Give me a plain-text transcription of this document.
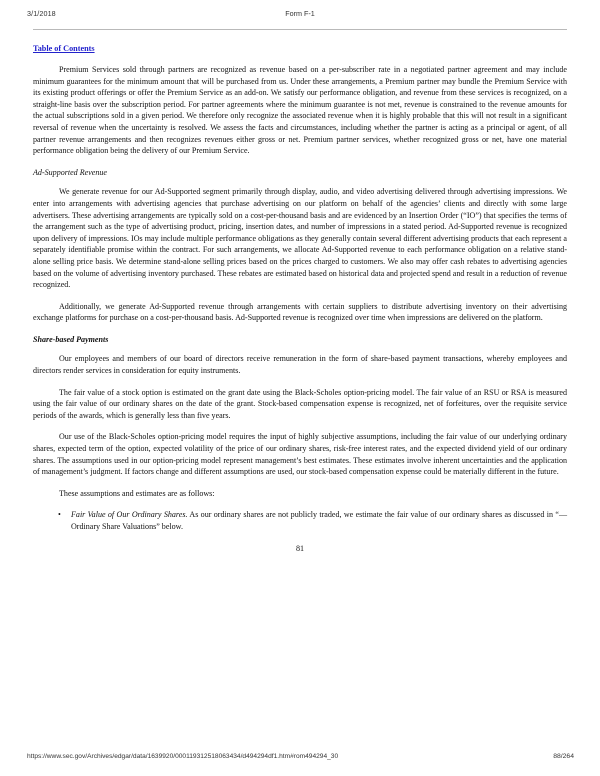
3/1/2018	Form F-1
Table of Contents

Premium Services sold through partners are recognized as revenue based on a per-subscriber rate in a negotiated partner agreement and may include minimum guarantees for the minimum amount that will be purchased from us. Under these arrangements, a Premium partner may bundle the Premium Service with its existing product offerings or offer the Premium Service as an add-on. We satisfy our performance obligation, and revenue from these services is recognized, on a straight-line basis over the subscription period. For partner agreements where the minimum guarantee is not met, revenue is constrained to the revenue amounts for the actual subscriptions sold in a given period. We therefore only recognize the associated revenue when it is highly probable that this will not result in a significant reversal of revenue when the uncertainty is resolved. We assess the facts and circumstances, including whether the partner is acting as a principal or agent, of all partner revenue arrangements and then recognizes revenues either gross or net. Premium partner services, whether recognized gross or net, have one material performance obligation being the delivery of our Premium Service.

Ad-Supported Revenue

We generate revenue for our Ad-Supported segment primarily through display, audio, and video advertising delivered through advertising impressions. We enter into arrangements with advertising agencies that purchase advertising on our platform on behalf of the agencies’ clients and directly with some large advertisers. These advertising arrangements are typically sold on a cost-per-thousand basis and are evidenced by an Insertion Order (“IO”) that specifies the terms of the arrangement such as the type of advertising product, pricing, insertion dates, and number of impressions in a stated period. Ad-Supported revenue is recognized upon delivery of impressions. IOs may include multiple performance obligations as they generally contain several different advertising products that each represent a separately identifiable promise within the contract. For such arrangements, we allocate Ad-Supported revenue to each performance obligation on a relative stand-alone selling price basis. We determine stand-alone selling prices based on the prices charged to customers. We also may offer cash rebates to advertising agencies based on the volume of advertising inventory purchased. These rebates are estimated based on historical data and projected spend and result in a reduction of revenue recognized.

Additionally, we generate Ad-Supported revenue through arrangements with certain suppliers to distribute advertising inventory on their advertising exchange platforms for purchase on a cost-per-thousand basis. Ad-Supported revenue is recognized over time when impressions are delivered on the platform.

Share-based Payments

Our employees and members of our board of directors receive remuneration in the form of share-based payment transactions, whereby employees and directors render services in consideration for equity instruments.

The fair value of a stock option is estimated on the grant date using the Black-Scholes option-pricing model. The fair value of an RSU or RSA is measured using the fair value of our ordinary shares on the date of the grant. Stock-based compensation expense is recognized, net of forfeitures, over the requisite service periods of the awards, which is generally less than five years.

Our use of the Black-Scholes option-pricing model requires the input of highly subjective assumptions, including the fair value of our underlying ordinary shares, expected term of the option, expected volatility of the price of our ordinary shares, risk-free interest rates, and the expected dividend yield of our ordinary shares. The assumptions used in our option-pricing model represent management’s best estimates. These estimates involve inherent uncertainties and the application of management’s judgment. If factors change and different assumptions are used, our stock-based compensation expense could be materially different in the future.

These assumptions and estimates are as follows:

• Fair Value of Our Ordinary Shares. As our ordinary shares are not publicly traded, we estimate the fair value of our ordinary shares as discussed in “—Ordinary Share Valuations” below.
81
https://www.sec.gov/Archives/edgar/data/1639920/000119312518063434/d494294df1.htm#rom494294_30	88/264
